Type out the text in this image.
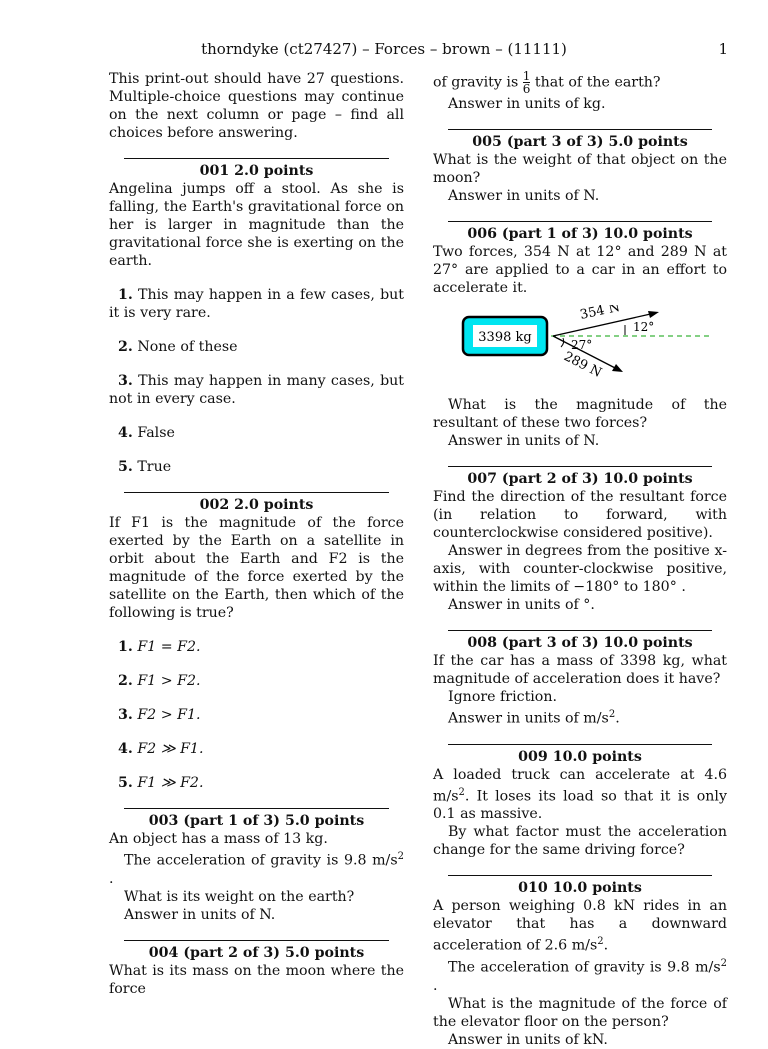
thorndyke (ct27427) – Forces – brown – (11111)	1

This print-out should have 27 questions. Multiple-choice questions may continue on the next column or page – find all choices before answering.

001 2.0 points

Angelina jumps off a stool. As she is falling, the Earth's gravitational force on her is larger in magnitude than the gravitational force she is exerting on the earth.

1. This may happen in a few cases, but it is very rare.

2. None of these

3. This may happen in many cases, but not in every case.

4. False

5. True

002 2.0 points

If F1 is the magnitude of the force exerted by the Earth on a satellite in orbit about the Earth and F2 is the magnitude of the force exerted by the satellite on the Earth, then which of the following is true?

1. F1 = F2.

2. F1 > F2.

3. F2 > F1.

4. F2 ≫ F1.

5. F1 ≫ F2.

003 (part 1 of 3) 5.0 points

An object has a mass of 13 kg.

The acceleration of gravity is 9.8 $m/s^2$ .

What is its weight on the earth?

Answer in units of N.

004 (part 2 of 3) 5.0 points

What is its mass on the moon where the force

of gravity is $\frac{1}{6}$ that of the earth?

Answer in units of kg.

005 (part 3 of 3) 5.0 points

What is the weight of that object on the moon?

Answer in units of N.

006 (part 1 of 3) 10.0 points

Two forces, 354 N at 12° and 289 N at 27° are applied to a car in an effort to accelerate it.

3398 kg
354 N
289 N
12°
27°

What is the magnitude of the resultant of these two forces?

Answer in units of N.

007 (part 2 of 3) 10.0 points

Find the direction of the resultant force (in relation to forward, with counterclockwise considered positive).

Answer in degrees from the positive x-axis, with counter-clockwise positive, within the limits of −180° to 180° .

Answer in units of °.

008 (part 3 of 3) 10.0 points

If the car has a mass of 3398 kg, what magnitude of acceleration does it have?

Ignore friction.

Answer in units of $m/s^2$.

009 10.0 points

A loaded truck can accelerate at 4.6 $m/s^2$. It loses its load so that it is only 0.1 as massive.

By what factor must the acceleration change for the same driving force?

010 10.0 points

A person weighing 0.8 kN rides in an elevator that has a downward acceleration of 2.6 $m/s^2$.

The acceleration of gravity is 9.8 $m/s^2$ .

What is the magnitude of the force of the elevator floor on the person?

Answer in units of kN.
